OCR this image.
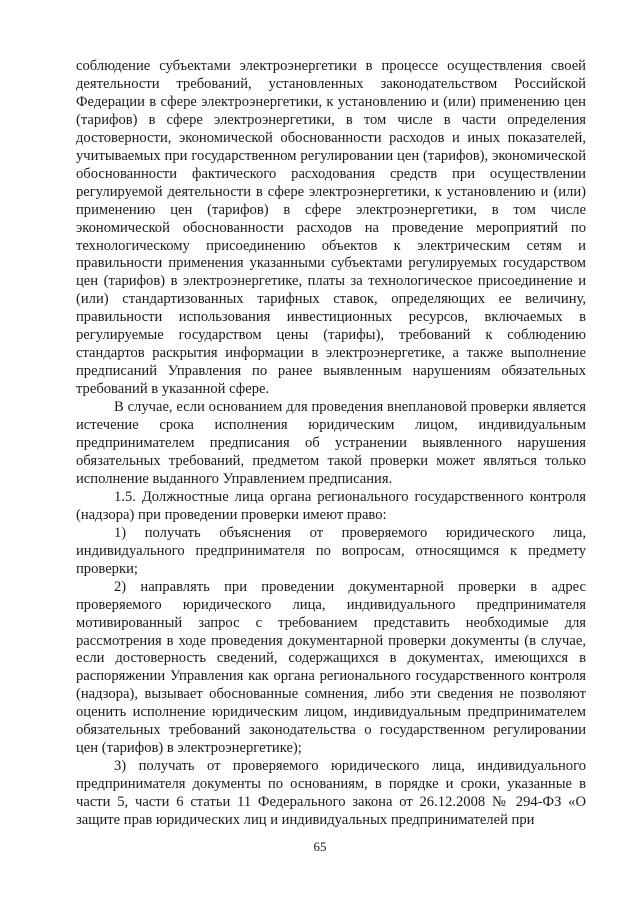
соблюдение субъектами электроэнергетики в процессе осуществления своей деятельности требований, установленных законодательством Российской Федерации в сфере электроэнергетики, к установлению и (или) применению цен (тарифов) в сфере электроэнергетики, в том числе в части определения достоверности, экономической обоснованности расходов и иных показателей, учитываемых при государственном регулировании цен (тарифов), экономической обоснованности фактического расходования средств при осуществлении регулируемой деятельности в сфере электроэнергетики, к установлению и (или) применению цен (тарифов) в сфере электроэнергетики, в том числе экономической обоснованности расходов на проведение мероприятий по технологическому присоединению объектов к электрическим сетям и правильности применения указанными субъектами регулируемых государством цен (тарифов) в электроэнергетике, платы за технологическое присоединение и (или) стандартизованных тарифных ставок, определяющих ее величину, правильности использования инвестиционных ресурсов, включаемых в регулируемые государством цены (тарифы), требований к соблюдению стандартов раскрытия информации в электроэнергетике, а также выполнение предписаний Управления по ранее выявленным нарушениям обязательных требований в указанной сфере.

В случае, если основанием для проведения внеплановой проверки является истечение срока исполнения юридическим лицом, индивидуальным предпринимателем предписания об устранении выявленного нарушения обязательных требований, предметом такой проверки может являться только исполнение выданного Управлением предписания.

1.5. Должностные лица органа регионального государственного контроля (надзора) при проведении проверки имеют право:

1) получать объяснения от проверяемого юридического лица, индивидуального предпринимателя по вопросам, относящимся к предмету проверки;

2) направлять при проведении документарной проверки в адрес проверяемого юридического лица, индивидуального предпринимателя мотивированный запрос с требованием представить необходимые для рассмотрения в ходе проведения документарной проверки документы (в случае, если достоверность сведений, содержащихся в документах, имеющихся в распоряжении Управления как органа регионального государственного контроля (надзора), вызывает обоснованные сомнения, либо эти сведения не позволяют оценить исполнение юридическим лицом, индивидуальным предпринимателем обязательных требований законодательства о государственном регулировании цен (тарифов) в электроэнергетике);

3) получать от проверяемого юридического лица, индивидуального предпринимателя документы по основаниям, в порядке и сроки, указанные в части 5, части 6 статьи 11 Федерального закона от 26.12.2008 № 294-ФЗ «О защите прав юридических лиц и индивидуальных предпринимателей при

65
